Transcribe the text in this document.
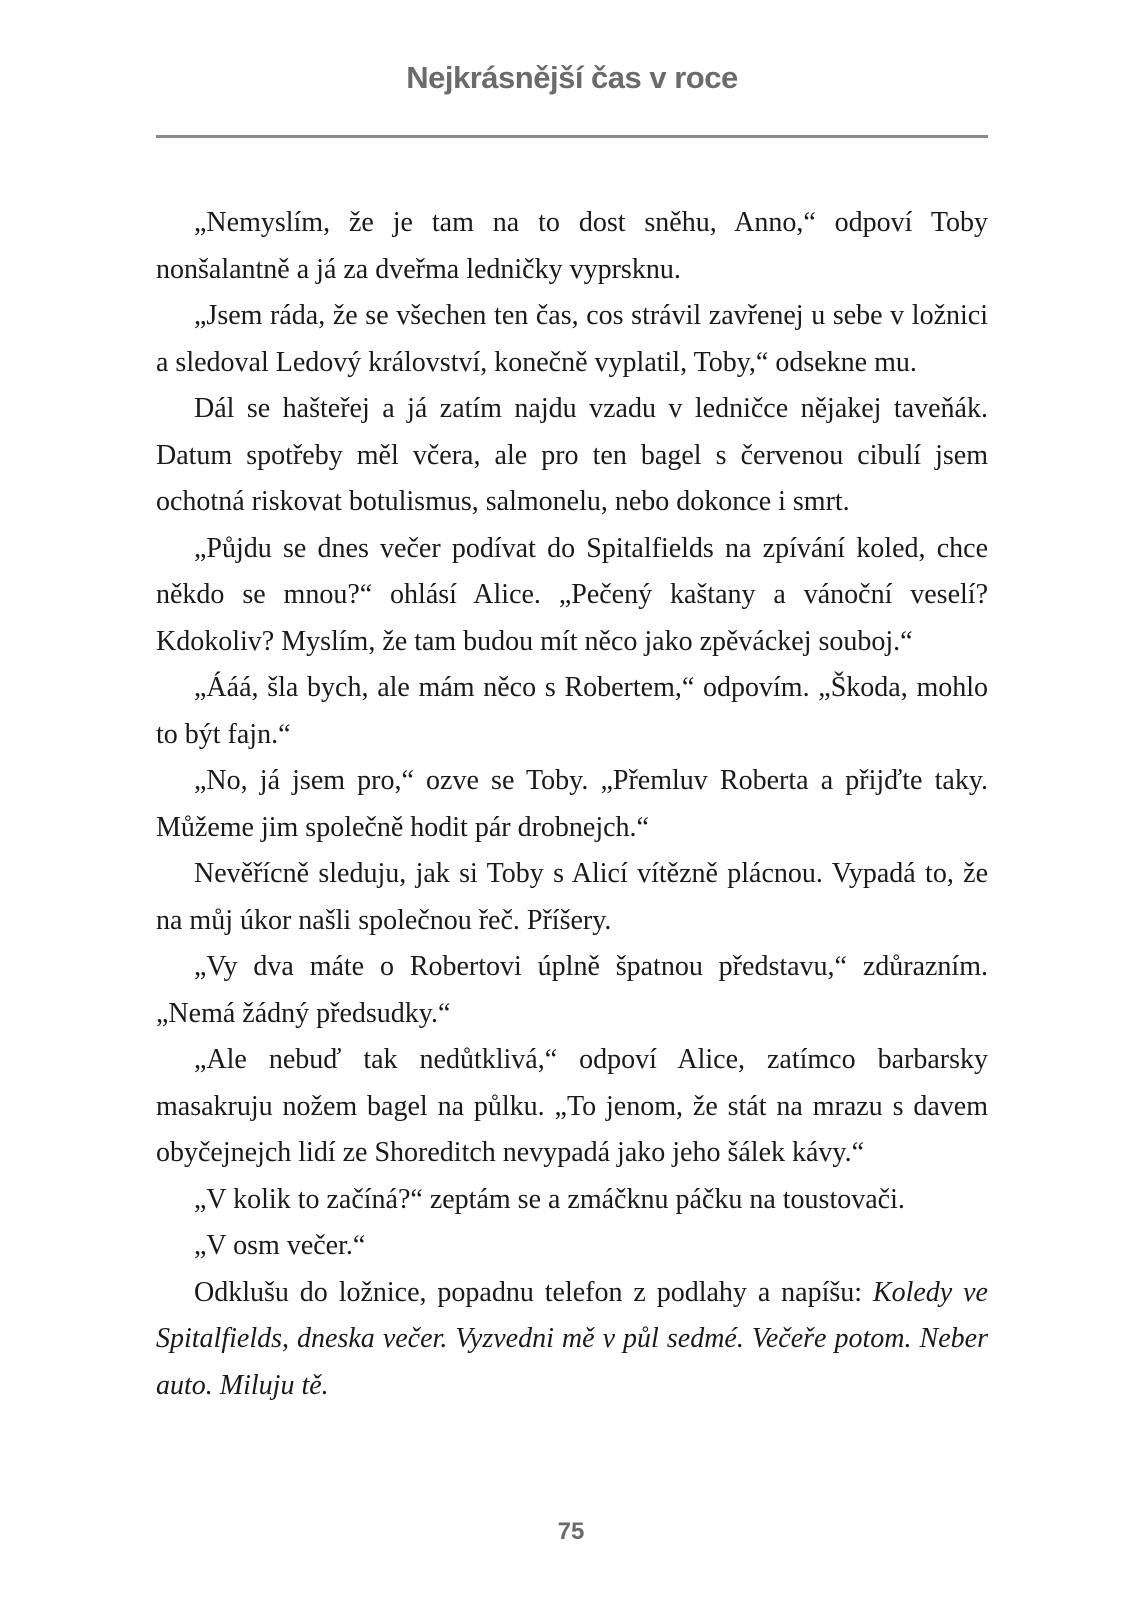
Nejkrásnější čas v roce

„Nemyslím, že je tam na to dost sněhu, Anno,“ odpoví Toby nonšalantně a já za dveřma ledničky vyprsknu.

„Jsem ráda, že se všechen ten čas, cos strávil zavřenej u sebe v ložnici a sledoval Ledový království, konečně vyplatil, Toby,“ odsekne mu.

Dál se hašteřej a já zatím najdu vzadu v ledničce nějakej taveňák. Datum spotřeby měl včera, ale pro ten bagel s červenou cibulí jsem ochotná riskovat botulismus, salmonelu, nebo dokonce i smrt.

„Půjdu se dnes večer podívat do Spitalfields na zpívání koled, chce někdo se mnou?“ ohlásí Alice. „Pečený kaštany a vánoční veselí? Kdokoliv? Myslím, že tam budou mít něco jako zpěváckej souboj.“

„Ááá, šla bych, ale mám něco s Robertem,“ odpovím. „Škoda, mohlo to být fajn.“

„No, já jsem pro,“ ozve se Toby. „Přemluv Roberta a přijďte taky. Můžeme jim společně hodit pár drobnejch.“

Nevěřícně sleduju, jak si Toby s Alicí vítězně plácnou. Vypadá to, že na můj úkor našli společnou řeč. Příšery.

„Vy dva máte o Robertovi úplně špatnou představu,“ zdůrazním. „Nemá žádný předsudky.“

„Ale nebuď tak nedůtklivá,“ odpoví Alice, zatímco barbarsky masakruju nožem bagel na půlku. „To jenom, že stát na mrazu s davem obyčejnejch lidí ze Shoreditch nevypadá jako jeho šálek kávy.“

„V kolik to začíná?“ zeptám se a zmáčknu páčku na toustovači.

„V osm večer.“

Odklušu do ložnice, popadnu telefon z podlahy a napíšu: Koledy ve Spitalfields, dneska večer. Vyzvedni mě v půl sedmé. Večeře potom. Neber auto. Miluju tě.

75
